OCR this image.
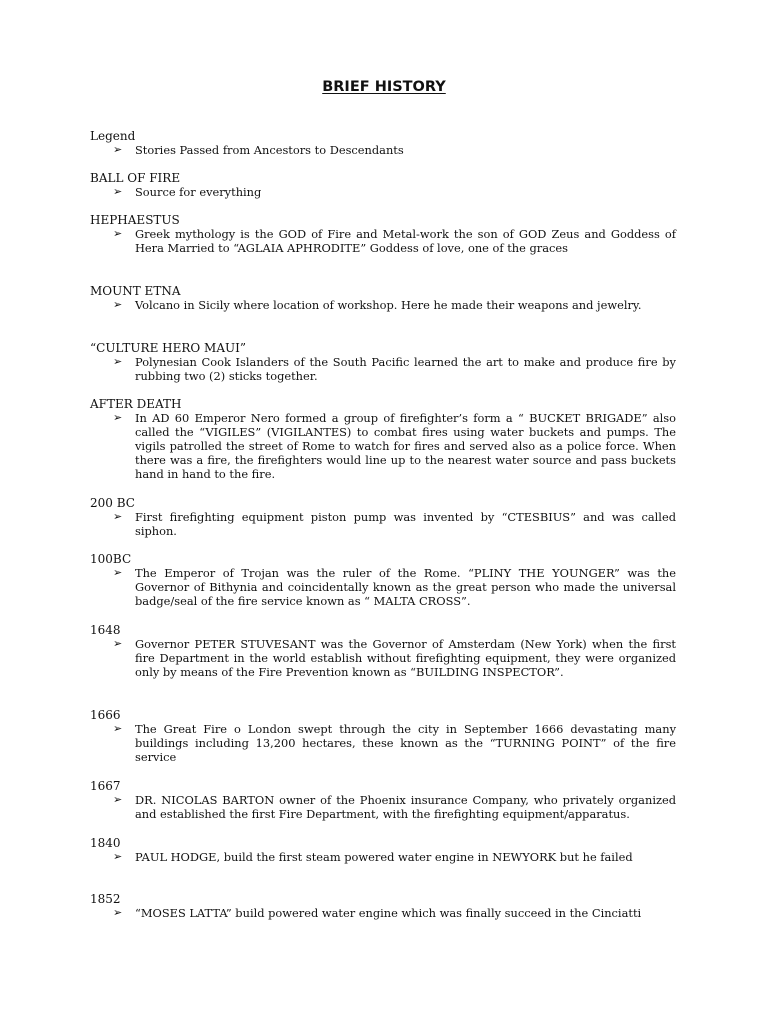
BRIEF HISTORY
Legend
➢	Stories Passed from Ancestors to Descendants
BALL OF FIRE
➢	Source for everything
HEPHAESTUS
➢	Greek mythology is the GOD of Fire and Metal-work the son of GOD Zeus and Goddess of Hera Married to “AGLAIA APHRODITE” Goddess of love, one of the graces
MOUNT ETNA
➢	Volcano in Sicily where location of workshop. Here he made their weapons and jewelry.
“CULTURE HERO MAUI”
➢	Polynesian Cook Islanders of the South Pacific learned the art to make and produce fire by rubbing two (2) sticks together.
AFTER DEATH
➢	In AD 60 Emperor Nero formed a group of firefighter’s form a “ BUCKET BRIGADE” also called the “VIGILES” (VIGILANTES) to combat fires using water buckets and pumps. The vigils patrolled the street of Rome to watch for fires and served also as a police force. When there was a fire, the firefighters would line up to the nearest water source and pass buckets hand in hand to the fire.
200 BC
➢	First firefighting equipment piston pump was invented by “CTESBIUS” and was called siphon.
100BC
➢	The Emperor of Trojan was the ruler of the Rome. “PLINY THE YOUNGER” was the Governor of Bithynia and coincidentally known as the great person who made the universal badge/seal of the fire service known as “ MALTA CROSS”.
1648
➢	Governor PETER STUVESANT was the Governor of Amsterdam (New York) when the first fire Department in the world establish without firefighting equipment, they were organized only by means of the Fire Prevention known as “BUILDING INSPECTOR”.
1666
➢	The Great Fire o London swept through the city in September 1666 devastating many buildings including 13,200 hectares, these known as the “TURNING POINT” of the fire service
1667
➢	DR. NICOLAS BARTON owner of the Phoenix insurance Company, who privately organized and established the first Fire Department, with the firefighting equipment/apparatus.
1840
➢	PAUL HODGE, build the first steam powered water engine in NEWYORK but he failed
1852
➢	“MOSES LATTA” build powered water engine which was finally succeed in the Cinciatti
